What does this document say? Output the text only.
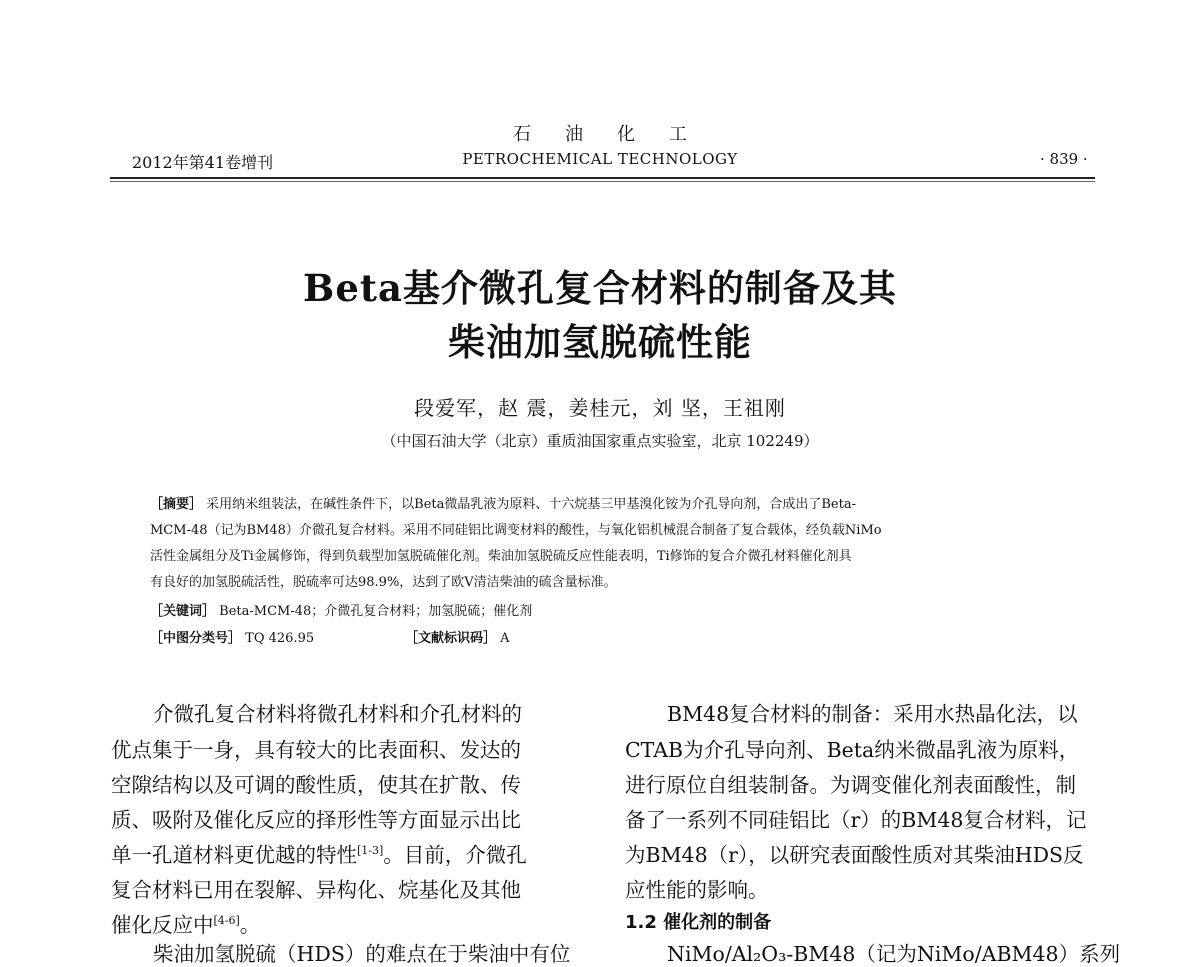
石油化工
2012年第41卷增刊	PETROCHEMICAL TECHNOLOGY	· 839 ·
Beta基介微孔复合材料的制备及其
柴油加氢脱硫性能
段爱军，赵 震，姜桂元，刘 坚，王祖刚
（中国石油大学（北京）重质油国家重点实验室，北京 102249）
［摘要］ 采用纳米组装法，在碱性条件下，以Beta微晶乳液为原料、十六烷基三甲基溴化铵为介孔导向剂，合成出了Beta-
MCM-48（记为BM48）介微孔复合材料。采用不同硅铝比调变材料的酸性，与氧化铝机械混合制备了复合载体，经负载NiMo
活性金属组分及Ti金属修饰，得到负载型加氢脱硫催化剂。柴油加氢脱硫反应性能表明，Ti修饰的复合介微孔材料催化剂具
有良好的加氢脱硫活性，脱硫率可达98.9%，达到了欧Ⅴ清洁柴油的硫含量标准。
［关键词］ Beta-MCM-48；介微孔复合材料；加氢脱硫；催化剂
［中图分类号］ TQ 426.95	［文献标识码］ A
介微孔复合材料将微孔材料和介孔材料的
优点集于一身，具有较大的比表面积、发达的
空隙结构以及可调的酸性质，使其在扩散、传
质、吸附及催化反应的择形性等方面显示出比
单一孔道材料更优越的特性[1-3]。目前，介微孔
复合材料已用在裂解、异构化、烷基化及其他
催化反应中[4-6]。
柴油加氢脱硫（HDS）的难点在于柴油中有位
BM48复合材料的制备：采用水热晶化法，以
CTAB为介孔导向剂、Beta纳米微晶乳液为原料，
进行原位自组装制备。为调变催化剂表面酸性，制
备了一系列不同硅铝比（r）的BM48复合材料，记
为BM48（r），以研究表面酸性质对其柴油HDS反
应性能的影响。
1.2 催化剂的制备
NiMo/Al₂O₃-BM48（记为NiMo/ABM48）系列
